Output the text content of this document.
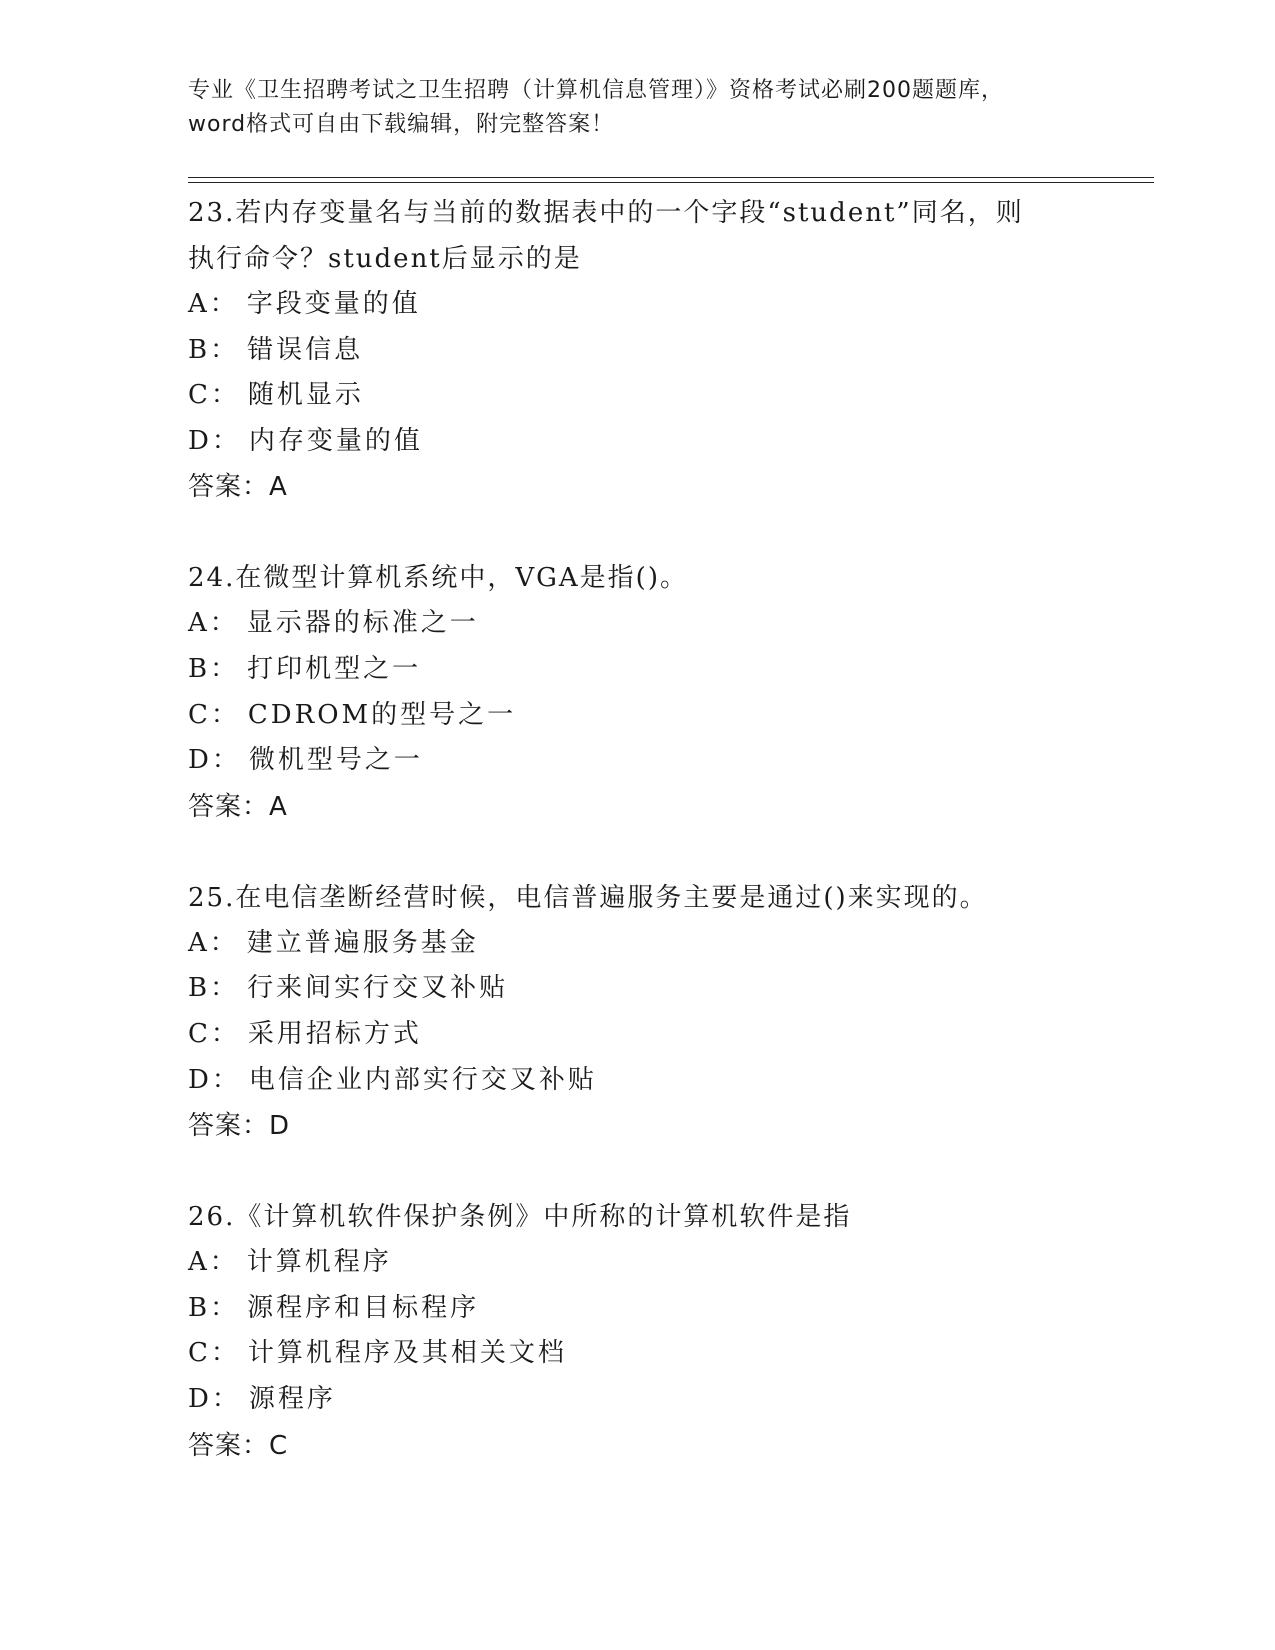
专业《卫生招聘考试之卫生招聘（计算机信息管理）》资格考试必刷200题题库，
word格式可自由下载编辑，附完整答案！
23.若内存变量名与当前的数据表中的一个字段“student”同名，则
执行命令？student后显示的是
A： 字段变量的值
B： 错误信息
C： 随机显示
D： 内存变量的值
答案：A
24.在微型计算机系统中，VGA是指()。
A： 显示器的标准之一
B： 打印机型之一
C： CDROM的型号之一
D： 微机型号之一
答案：A
25.在电信垄断经营时候，电信普遍服务主要是通过()来实现的。
A： 建立普遍服务基金
B： 行来间实行交叉补贴
C： 采用招标方式
D： 电信企业内部实行交叉补贴
答案：D
26.《计算机软件保护条例》中所称的计算机软件是指
A： 计算机程序
B： 源程序和目标程序
C： 计算机程序及其相关文档
D： 源程序
答案：C
